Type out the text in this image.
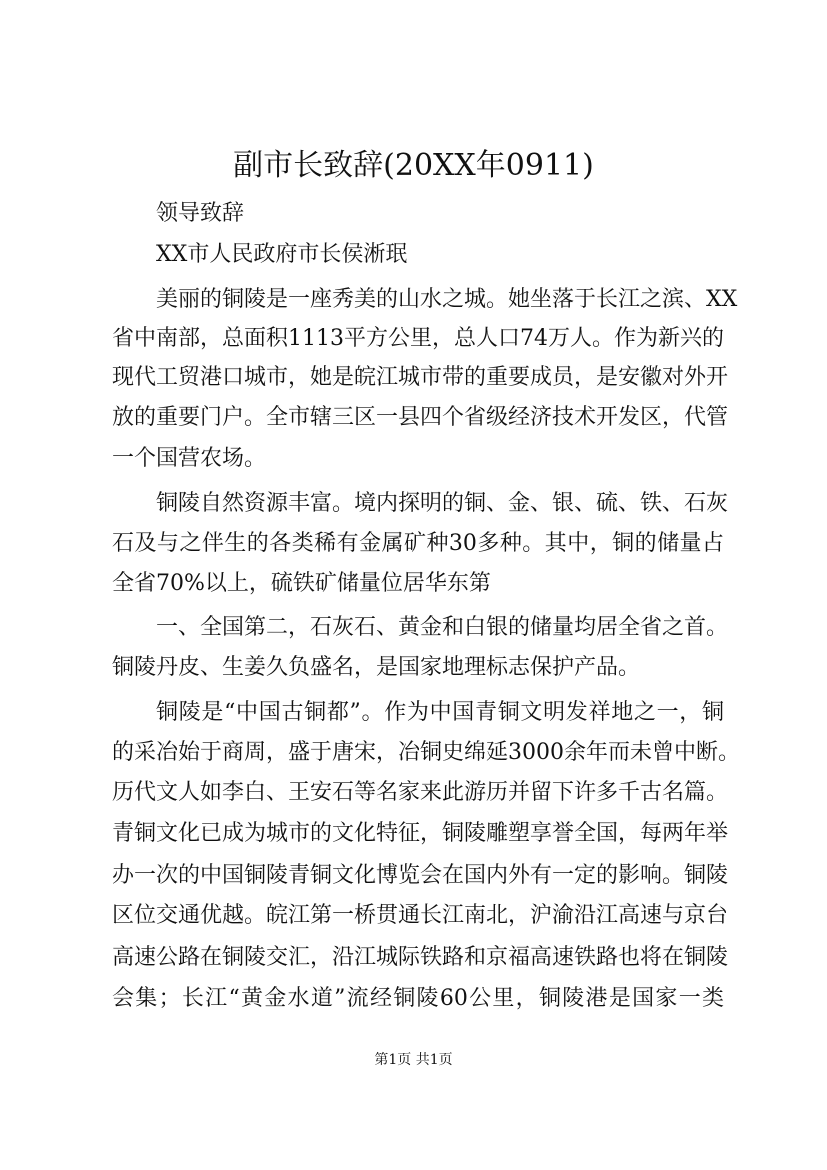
副市长致辞(20XX年0911)

领导致辞

XX市人民政府市长侯淅珉

美丽的铜陵是一座秀美的山水之城。她坐落于长江之滨、XX

省中南部，总面积1113平方公里，总人口74万人。作为新兴的

现代工贸港口城市，她是皖江城市带的重要成员，是安徽对外开

放的重要门户。全市辖三区一县四个省级经济技术开发区，代管

一个国营农场。

铜陵自然资源丰富。境内探明的铜、金、银、硫、铁、石灰

石及与之伴生的各类稀有金属矿种30多种。其中，铜的储量占

全省70%以上，硫铁矿储量位居华东第

一、全国第二，石灰石、黄金和白银的储量均居全省之首。

铜陵丹皮、生姜久负盛名，是国家地理标志保护产品。

铜陵是“中国古铜都”。作为中国青铜文明发祥地之一，铜

的采冶始于商周，盛于唐宋，冶铜史绵延3000余年而未曾中断。

历代文人如李白、王安石等名家来此游历并留下许多千古名篇。

青铜文化已成为城市的文化特征，铜陵雕塑享誉全国，每两年举

办一次的中国铜陵青铜文化博览会在国内外有一定的影响。铜陵

区位交通优越。皖江第一桥贯通长江南北，沪渝沿江高速与京台

高速公路在铜陵交汇，沿江城际铁路和京福高速铁路也将在铜陵

会集；长江“黄金水道”流经铜陵60公里，铜陵港是国家一类

第1页 共1页
